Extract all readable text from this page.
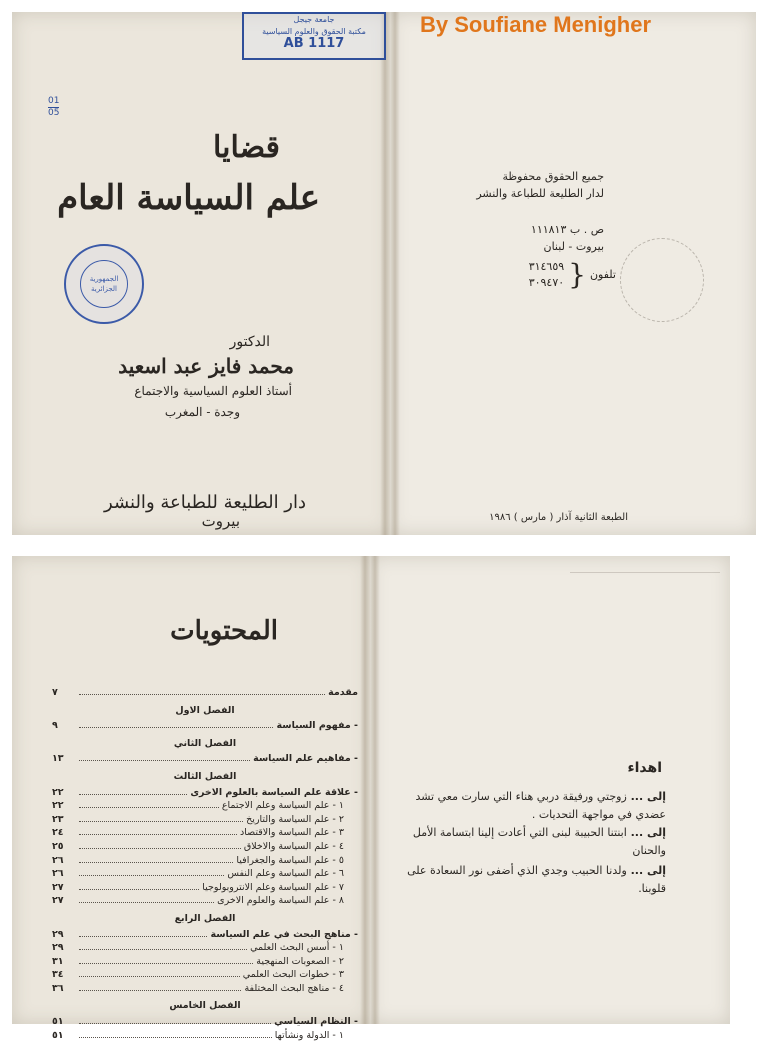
جامعة جيجل
مكتبة الحقوق والعلوم السياسية
AB 1117
01
05
قضايا
علم السياسة العام
الجمهورية الجزائرية
الدكتور
محمد فايز عبد اسعيد
أستاذ العلوم السياسية والاجتماع
وجدة - المغرب
دار الطليعة للطباعة والنشر
بيروت
By Soufiane Menigher
جميع الحقوق محفوظة
لدار الطليعة للطباعة والنشر
ص . ب ١١١٨١٣
بيروت - لبنان
تلفون
{
٣١٤٦٥٩
٣٠٩٤٧٠
الطبعة الثانية آذار ( مارس ) ١٩٨٦
المحتويات
مقدمة
٧
الفصل الاول
- مفهوم السياسة
٩
الفصل الثاني
- مفاهيم علم السياسة
١٣
الفصل الثالث
- علاقة علم السياسة بالعلوم الاخرى
٢٢
١ - علم السياسة وعلم الاجتماع
٢٢
٢ - علم السياسة والتاريخ
٢٣
٣ - علم السياسة والاقتصاد
٢٤
٤ - علم السياسة والاخلاق
٢٥
٥ - علم السياسة والجغرافيا
٢٦
٦ - علم السياسة وعلم النفس
٢٦
٧ - علم السياسة وعلم الانتروبولوجيا
٢٧
٨ - علم السياسة والعلوم الاخرى
٢٧
الفصل الرابع
- مناهج البحث في علم السياسة
٢٩
١ - أسس البحث العلمي
٢٩
٢ - الصعوبات المنهجية
٣١
٣ - خطوات البحث العلمي
٣٤
٤ - مناهج البحث المختلفة
٣٦
الفصل الخامس
- النظام السياسي
٥١
١ - الدولة ونشأتها
٥١
اهداء
إلى ... زوجتي ورفيقة دربي هناء التي سارت معي تشد عضدي في مواجهة التحديات .
إلى ... ابنتنا الحبيبة لبنى التي أعادت إلينا ابتسامة الأمل والحنان
إلى ... ولدنا الحبيب وجدي الذي أضفى نور السعادة على قلوبنا.
